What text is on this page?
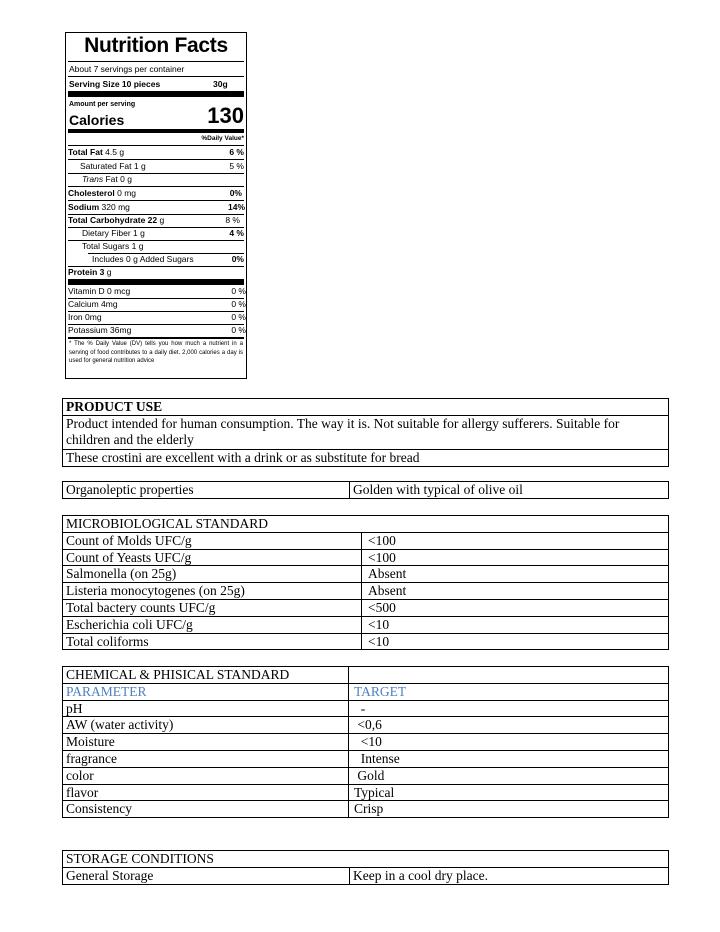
Nutrition Facts
About 7 servings per container
Serving Size 10 pieces	30g
Amount per serving
Calories	130
%Daily Value*
Total Fat 4.5 g	6 %
Saturated Fat 1 g	5 %
Trans Fat 0 g
Cholesterol 0 mg	0%
Sodium 320 mg	14%
Total Carbohydrate 22 g	8 %
Dietary Fiber 1 g	4 %
Total Sugars 1 g
Includes 0 g Added Sugars	0%
Protein 3 g
Vitamin D 0 mcg	0 %
Calcium 4mg	0 %
Iron 0mg	0 %
Potassium 36mg	0 %
* The % Daily Value (DV) tells you how much a nutrient in a serving of food contributes to a daily diet. 2,000 calories a day is used for general nutrition advice
PRODUCT USE
Product intended for human consumption. The way it is. Not suitable for allergy sufferers. Suitable for children and the elderly
These crostini are excellent with a drink or as substitute for bread
Organoleptic properties	Golden with typical of olive oil
MICROBIOLOGICAL STANDARD	
Count of Molds UFC/g	<100
Count of Yeasts UFC/g	<100
Salmonella (on 25g)	Absent
Listeria monocytogenes (on 25g)	Absent
Total bactery counts UFC/g	<500
Escherichia coli UFC/g	<10
Total coliforms	<10
CHEMICAL & PHISICAL STANDARD	
PARAMETER	TARGET
pH	-
AW (water activity)	<0,6
Moisture	<10
fragrance	Intense
color	Gold
flavor	Typical
Consistency	Crisp
STORAGE CONDITIONS
General Storage	Keep in a cool dry place.
